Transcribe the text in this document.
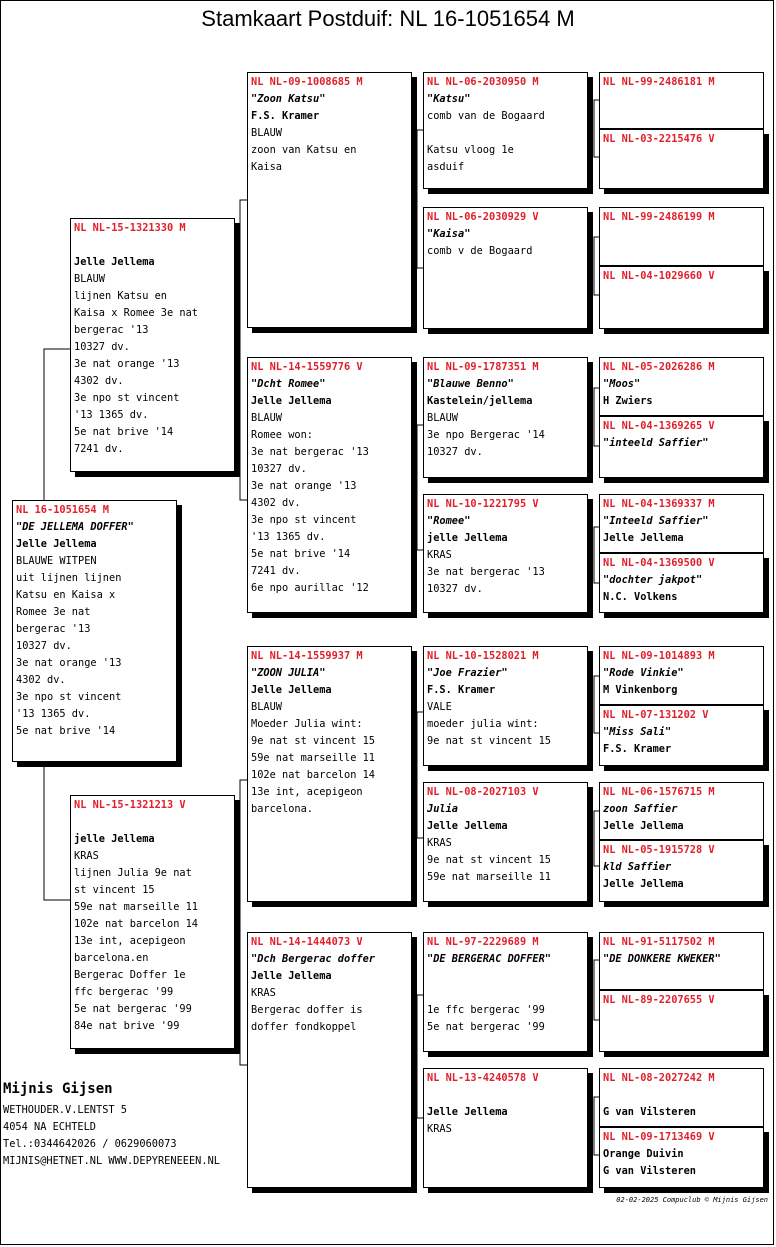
Stamkaart Postduif: NL 16-1051654 M
NL 16-1051654 M
"DE JELLEMA DOFFER"
Jelle Jellema
BLAUWE WITPEN
uit lijnen lijnen
Katsu en Kaisa x
Romee 3e nat
bergerac '13
10327 dv.
3e nat orange '13
4302 dv.
3e npo st vincent
'13 1365 dv.
5e nat brive '14
NL NL-15-1321330 M
Jelle Jellema
BLAUW
lijnen Katsu en
Kaisa x Romee 3e nat
bergerac '13
10327 dv.
3e nat orange '13
4302 dv.
3e npo st vincent
'13 1365 dv.
5e nat brive '14
7241 dv.
NL NL-15-1321213 V
jelle Jellema
KRAS
lijnen Julia 9e nat
st vincent 15
59e nat marseille 11
102e nat barcelon 14
13e int, acepigeon
barcelona.en
Bergerac Doffer 1e
ffc bergerac '99
5e nat bergerac '99
84e nat brive '99
NL NL-09-1008685 M
"Zoon Katsu"
F.S. Kramer
BLAUW
zoon van Katsu en
Kaisa
NL NL-14-1559776 V
"Dcht Romee"
Jelle Jellema
BLAUW
Romee won:
3e nat bergerac '13
10327 dv.
3e nat orange '13
4302 dv.
3e npo st vincent
'13 1365 dv.
5e nat brive '14
7241 dv.
6e npo aurillac '12
NL NL-14-1559937 M
"ZOON JULIA"
Jelle Jellema
BLAUW
Moeder Julia wint:
9e nat st vincent 15
59e nat marseille 11
102e nat barcelon 14
13e int, acepigeon
barcelona.
NL NL-14-1444073 V
"Dch Bergerac doffer
Jelle Jellema
KRAS
Bergerac doffer is
doffer fondkoppel
NL NL-06-2030950 M
"Katsu"
comb van de Bogaard
Katsu vloog 1e
asduif
NL NL-06-2030929 V
"Kaisa"
comb v de Bogaard
NL NL-09-1787351 M
"Blauwe Benno"
Kastelein/jellema
BLAUW
3e npo Bergerac '14
10327 dv.
NL NL-10-1221795 V
"Romee"
jelle Jellema
KRAS
3e nat bergerac '13
10327 dv.
NL NL-10-1528021 M
"Joe Frazier"
F.S. Kramer
VALE
moeder julia wint:
9e nat st vincent 15
NL NL-08-2027103 V
Julia
Jelle Jellema
KRAS
9e nat st vincent 15
59e nat marseille 11
NL NL-97-2229689 M
"DE BERGERAC DOFFER"
1e ffc bergerac '99
5e nat bergerac '99
NL NL-13-4240578 V
Jelle Jellema
KRAS
NL NL-99-2486181 M
NL NL-03-2215476 V
NL NL-99-2486199 M
NL NL-04-1029660 V
NL NL-05-2026286 M
"Moos"
H Zwiers
NL NL-04-1369265 V
"inteeld Saffier"
NL NL-04-1369337 M
"Inteeld Saffier"
Jelle Jellema
NL NL-04-1369500 V
"dochter jakpot"
N.C. Volkens
NL NL-09-1014893 M
"Rode Vinkie"
M Vinkenborg
NL NL-07-131202 V
"Miss Sali"
F.S. Kramer
NL NL-06-1576715 M
zoon Saffier
Jelle Jellema
NL NL-05-1915728 V
kld Saffier
Jelle Jellema
NL NL-91-5117502 M
"DE DONKERE KWEKER"
NL NL-89-2207655 V
NL NL-08-2027242 M
G van Vilsteren
NL NL-09-1713469 V
Orange Duivin
G van Vilsteren
Mijnis Gijsen
WETHOUDER.V.LENTST 5
4054 NA ECHTELD
Tel.:0344642026 / 0629060073
MIJNIS@HETNET.NL WWW.DEPYRENEEEN.NL
02-02-2025 Compuclub © Mijnis Gijsen
